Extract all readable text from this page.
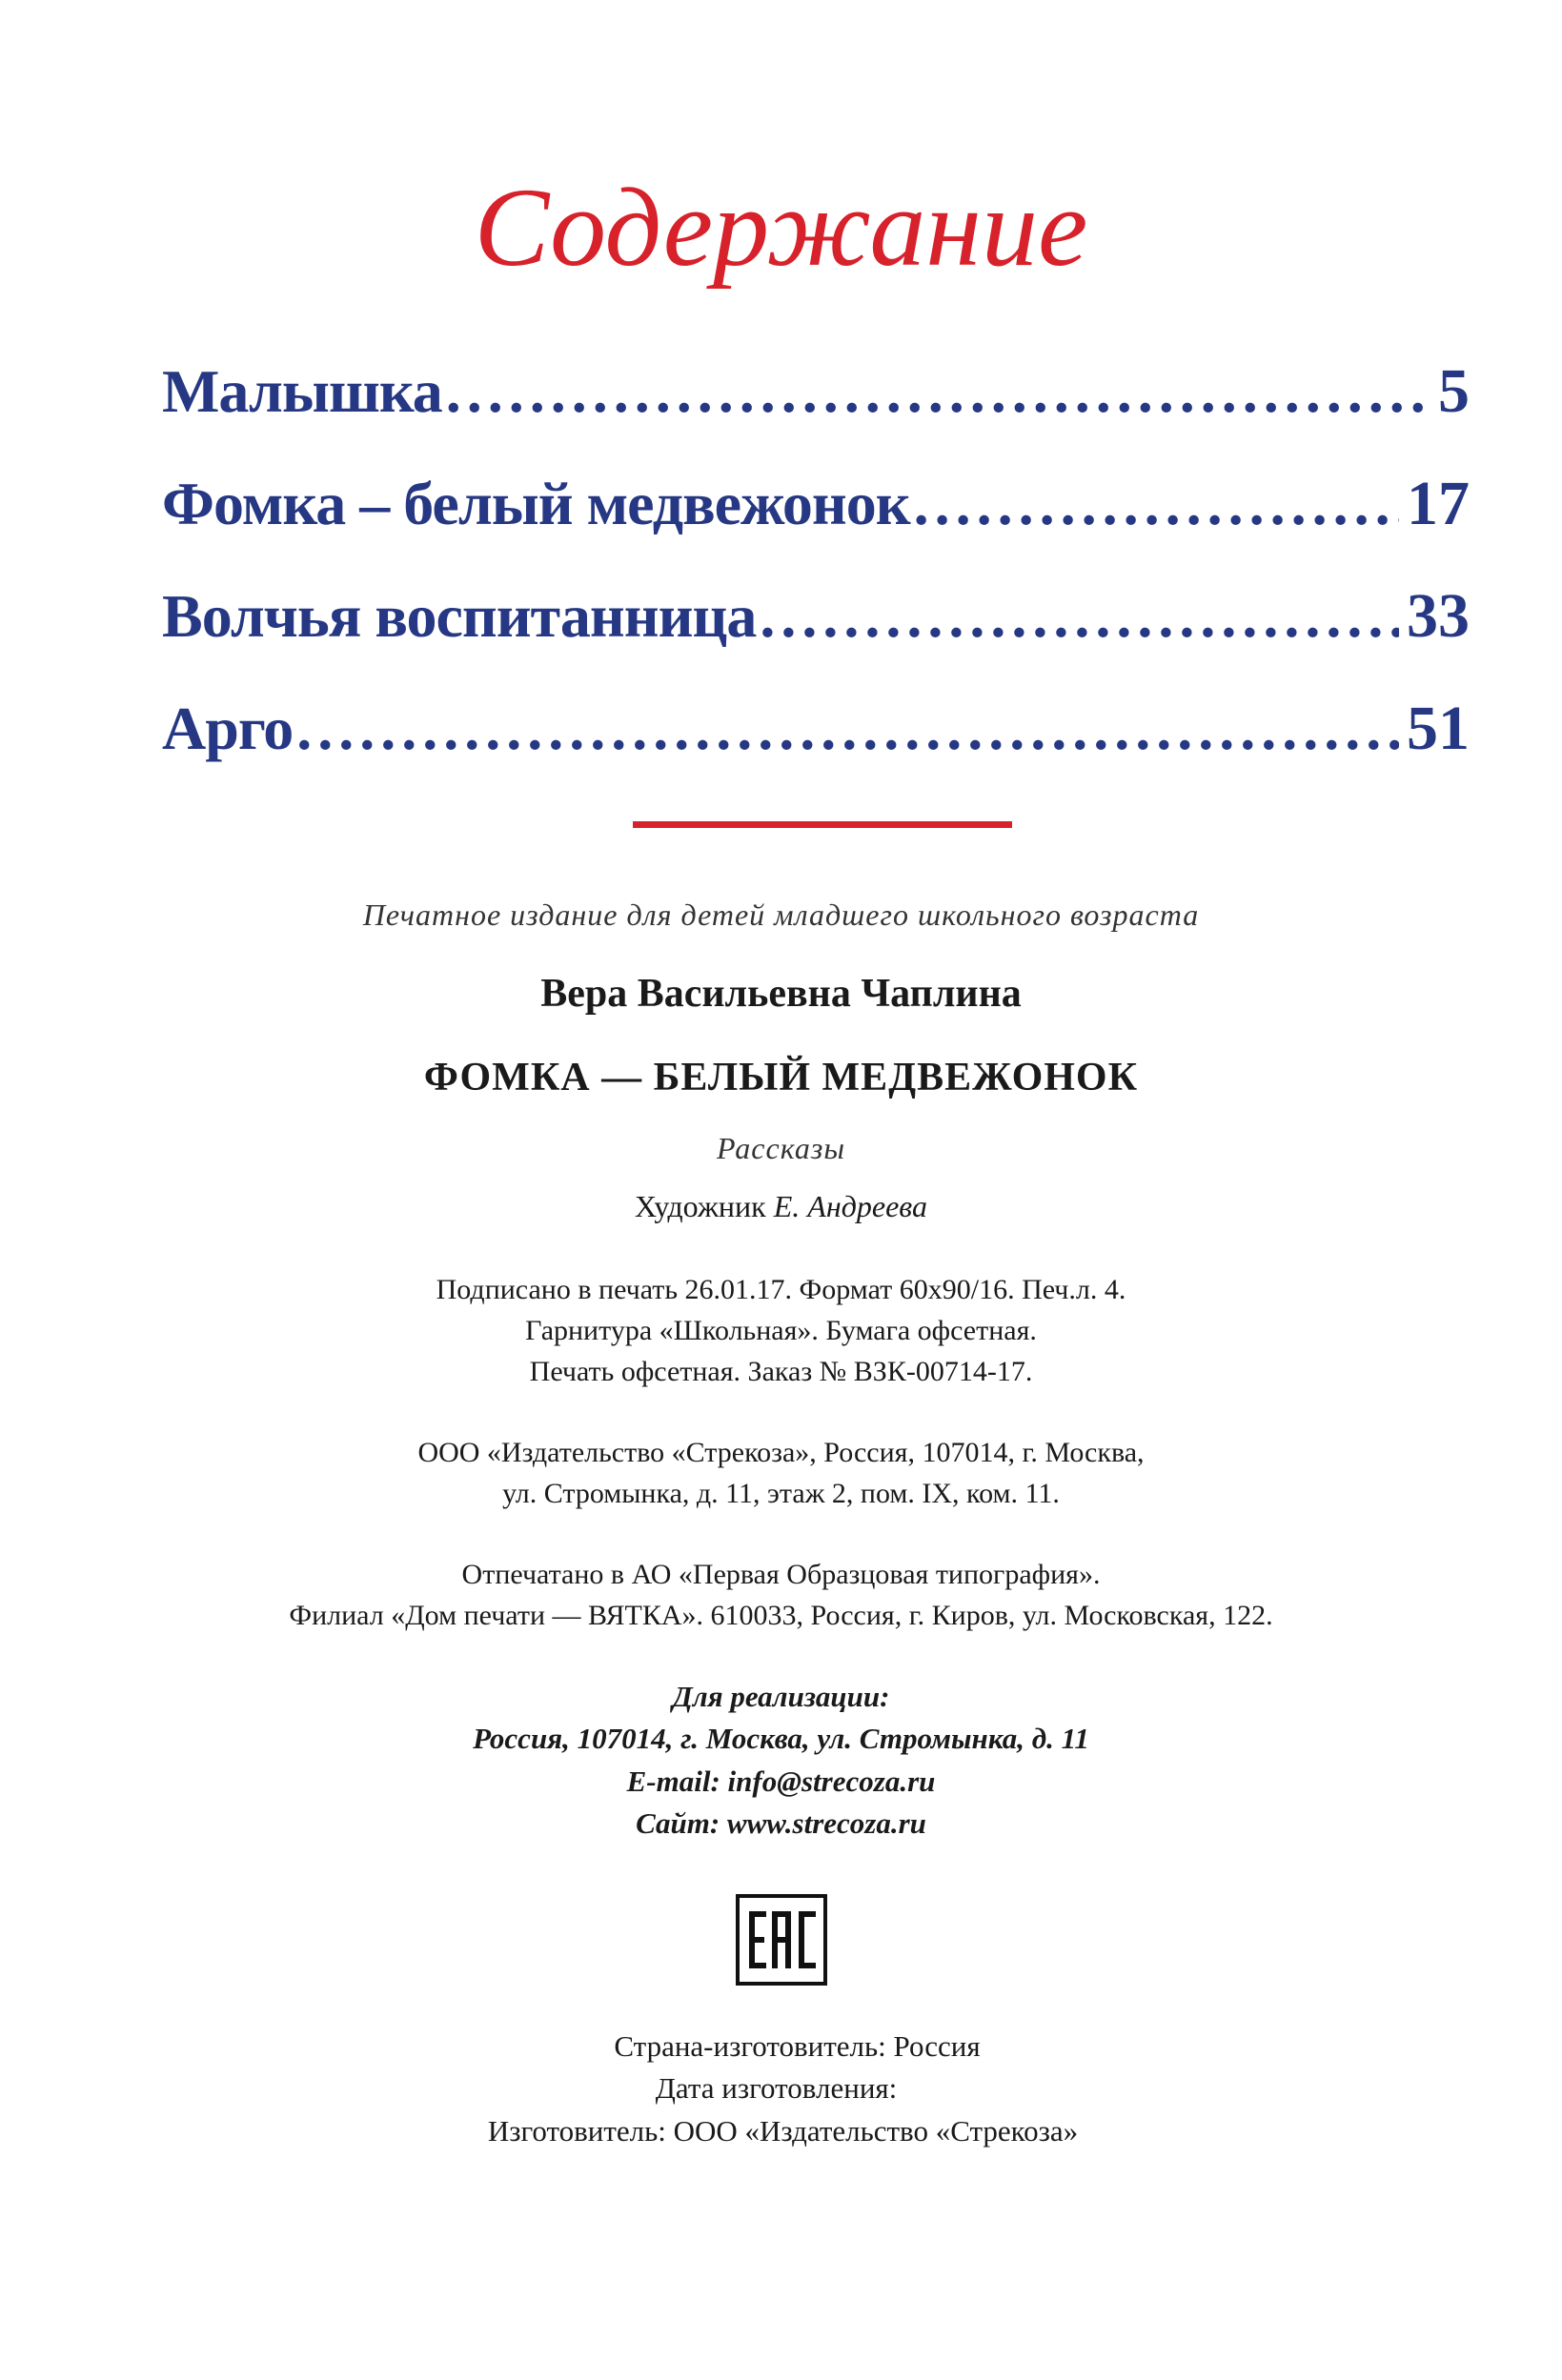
Содержание
Малышка .....	5
Фомка – белый медвежонок .....	17
Волчья воспитанница .....	33
Арго .....	51
Печатное издание для детей младшего школьного возраста
Вера Васильевна Чаплина
ФОМКА — БЕЛЫЙ МЕДВЕЖОНОК
Рассказы
Художник Е. Андреева
Подписано в печать 26.01.17. Формат 60х90/16. Печ.л. 4.
Гарнитура «Школьная». Бумага офсетная.
Печать офсетная. Заказ № ВЗК-00714-17.
ООО «Издательство «Стрекоза», Россия, 107014, г. Москва,
ул. Стромынка, д. 11, этаж 2, пом. IX, ком. 11.
Отпечатано в АО «Первая Образцовая типография».
Филиал «Дом печати — ВЯТКА». 610033, Россия, г. Киров, ул. Московская, 122.
Для реализации:
Россия, 107014, г. Москва, ул. Стромынка, д. 11
E-mail: info@strecoza.ru
Сайт: www.strecoza.ru
Страна-изготовитель: Россия
Дата изготовления:
Изготовитель: ООО «Издательство «Стрекоза»
